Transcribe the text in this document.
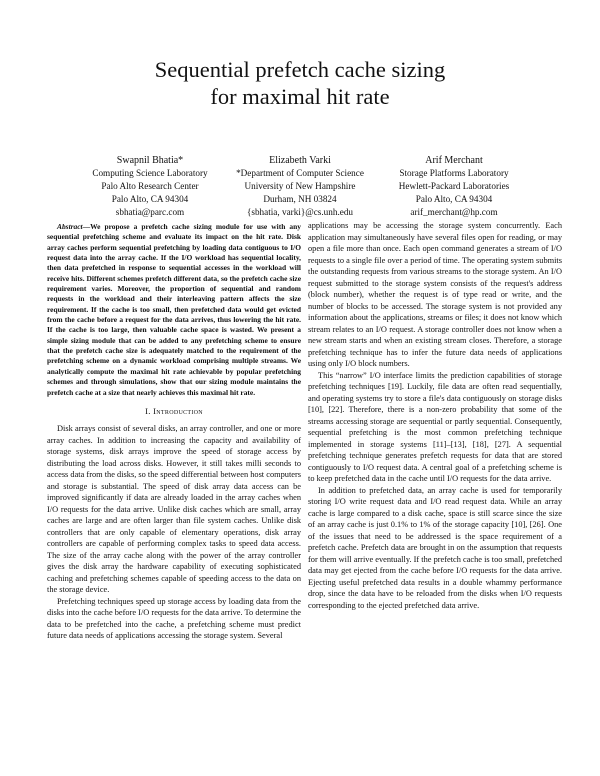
Sequential prefetch cache sizing
for maximal hit rate
Swapnil Bhatia*
Computing Science Laboratory
Palo Alto Research Center
Palo Alto, CA 94304
sbhatia@parc.com
Elizabeth Varki
*Department of Computer Science
University of New Hampshire
Durham, NH 03824
{sbhatia, varki}@cs.unh.edu
Arif Merchant
Storage Platforms Laboratory
Hewlett-Packard Laboratories
Palo Alto, CA 94304
arif_merchant@hp.com

Abstract—We propose a prefetch cache sizing module for use with any sequential prefetching scheme and evaluate its impact on the hit rate. Disk array caches perform sequential prefetching by loading data contiguous to I/O request data into the array cache. If the I/O workload has sequential locality, then data prefetched in response to sequential accesses in the workload will receive hits. Different schemes prefetch different data, so the prefetch cache size requirement varies. Moreover, the proportion of sequential and random requests in the workload and their interleaving pattern affects the size requirement. If the cache is too small, then prefetched data would get evicted from the cache before a request for the data arrives, thus lowering the hit rate. If the cache is too large, then valuable cache space is wasted. We present a simple sizing module that can be added to any prefetching scheme to ensure that the prefetch cache size is adequately matched to the requirement of the prefetching scheme on a dynamic workload comprising multiple streams. We analytically compute the maximal hit rate achievable by popular prefetching schemes and through simulations, show that our sizing module maintains the prefetch cache at a size that nearly achieves this maximal hit rate.

I. Introduction

Disk arrays consist of several disks, an array controller, and one or more array caches. In addition to increasing the capacity and availability of storage systems, disk arrays improve the speed of storage access by distributing the load across disks. However, it still takes milli seconds to access data from the disks, so the speed differential between host computers and storage is substantial. The speed of disk array data access can be improved significantly if data are already loaded in the array caches when I/O requests for the data arrive. Unlike disk caches which are small, array caches are large and are often larger than file system caches. Unlike disk controllers that are only capable of elementary operations, disk array controllers are capable of performing complex tasks to speed data access. The size of the array cache along with the power of the array controller gives the disk array the hardware capability of executing sophisticated caching and prefetching schemes capable of speeding access to the data on the storage device.

Prefetching techniques speed up storage access by loading data from the disks into the cache before I/O requests for the data arrive. To determine the data to be prefetched into the cache, a prefetching scheme must predict future data needs of applications accessing the storage system. Several

applications may be accessing the storage system concurrently. Each application may simultaneously have several files open for reading, or may open a file more than once. Each open command generates a stream of I/O requests to a single file over a period of time. The operating system submits the outstanding requests from various streams to the storage system. An I/O request submitted to the storage system consists of the request's address (block number), whether the request is of type read or write, and the number of blocks to be accessed. The storage system is not provided any information about the applications, streams or files; it does not know which stream relates to an I/O request. A storage controller does not know when a new stream starts and when an existing stream closes. Therefore, a storage prefetching technique has to infer the future data needs of applications using only I/O block numbers.

This “narrow” I/O interface limits the prediction capabilities of storage prefetching techniques [19]. Luckily, file data are often read sequentially, and operating systems try to store a file's data contiguously on storage disks [10], [22]. Therefore, there is a non-zero probability that some of the streams accessing storage are sequential or partly sequential. Consequently, sequential prefetching is the most common prefetching technique implemented in storage systems [11]–[13], [18], [27]. A sequential prefetching technique generates prefetch requests for data that are stored contiguously to I/O request data. A central goal of a prefetching scheme is to keep prefetched data in the cache until I/O requests for the data arrive.

In addition to prefetched data, an array cache is used for temporarily storing I/O write request data and I/O read request data. While an array cache is large compared to a disk cache, space is still scarce since the size of an array cache is just 0.1% to 1% of the storage capacity [10], [26]. One of the issues that need to be addressed is the space requirement of a prefetch cache. Prefetch data are brought in on the assumption that requests for them will arrive eventually. If the prefetch cache is too small, prefetched data may get ejected from the cache before I/O requests for the data arrive. Ejecting useful prefetched data results in a double whammy performance drop, since the data have to be reloaded from the disks when I/O requests corresponding to the ejected prefetched data arrive.
